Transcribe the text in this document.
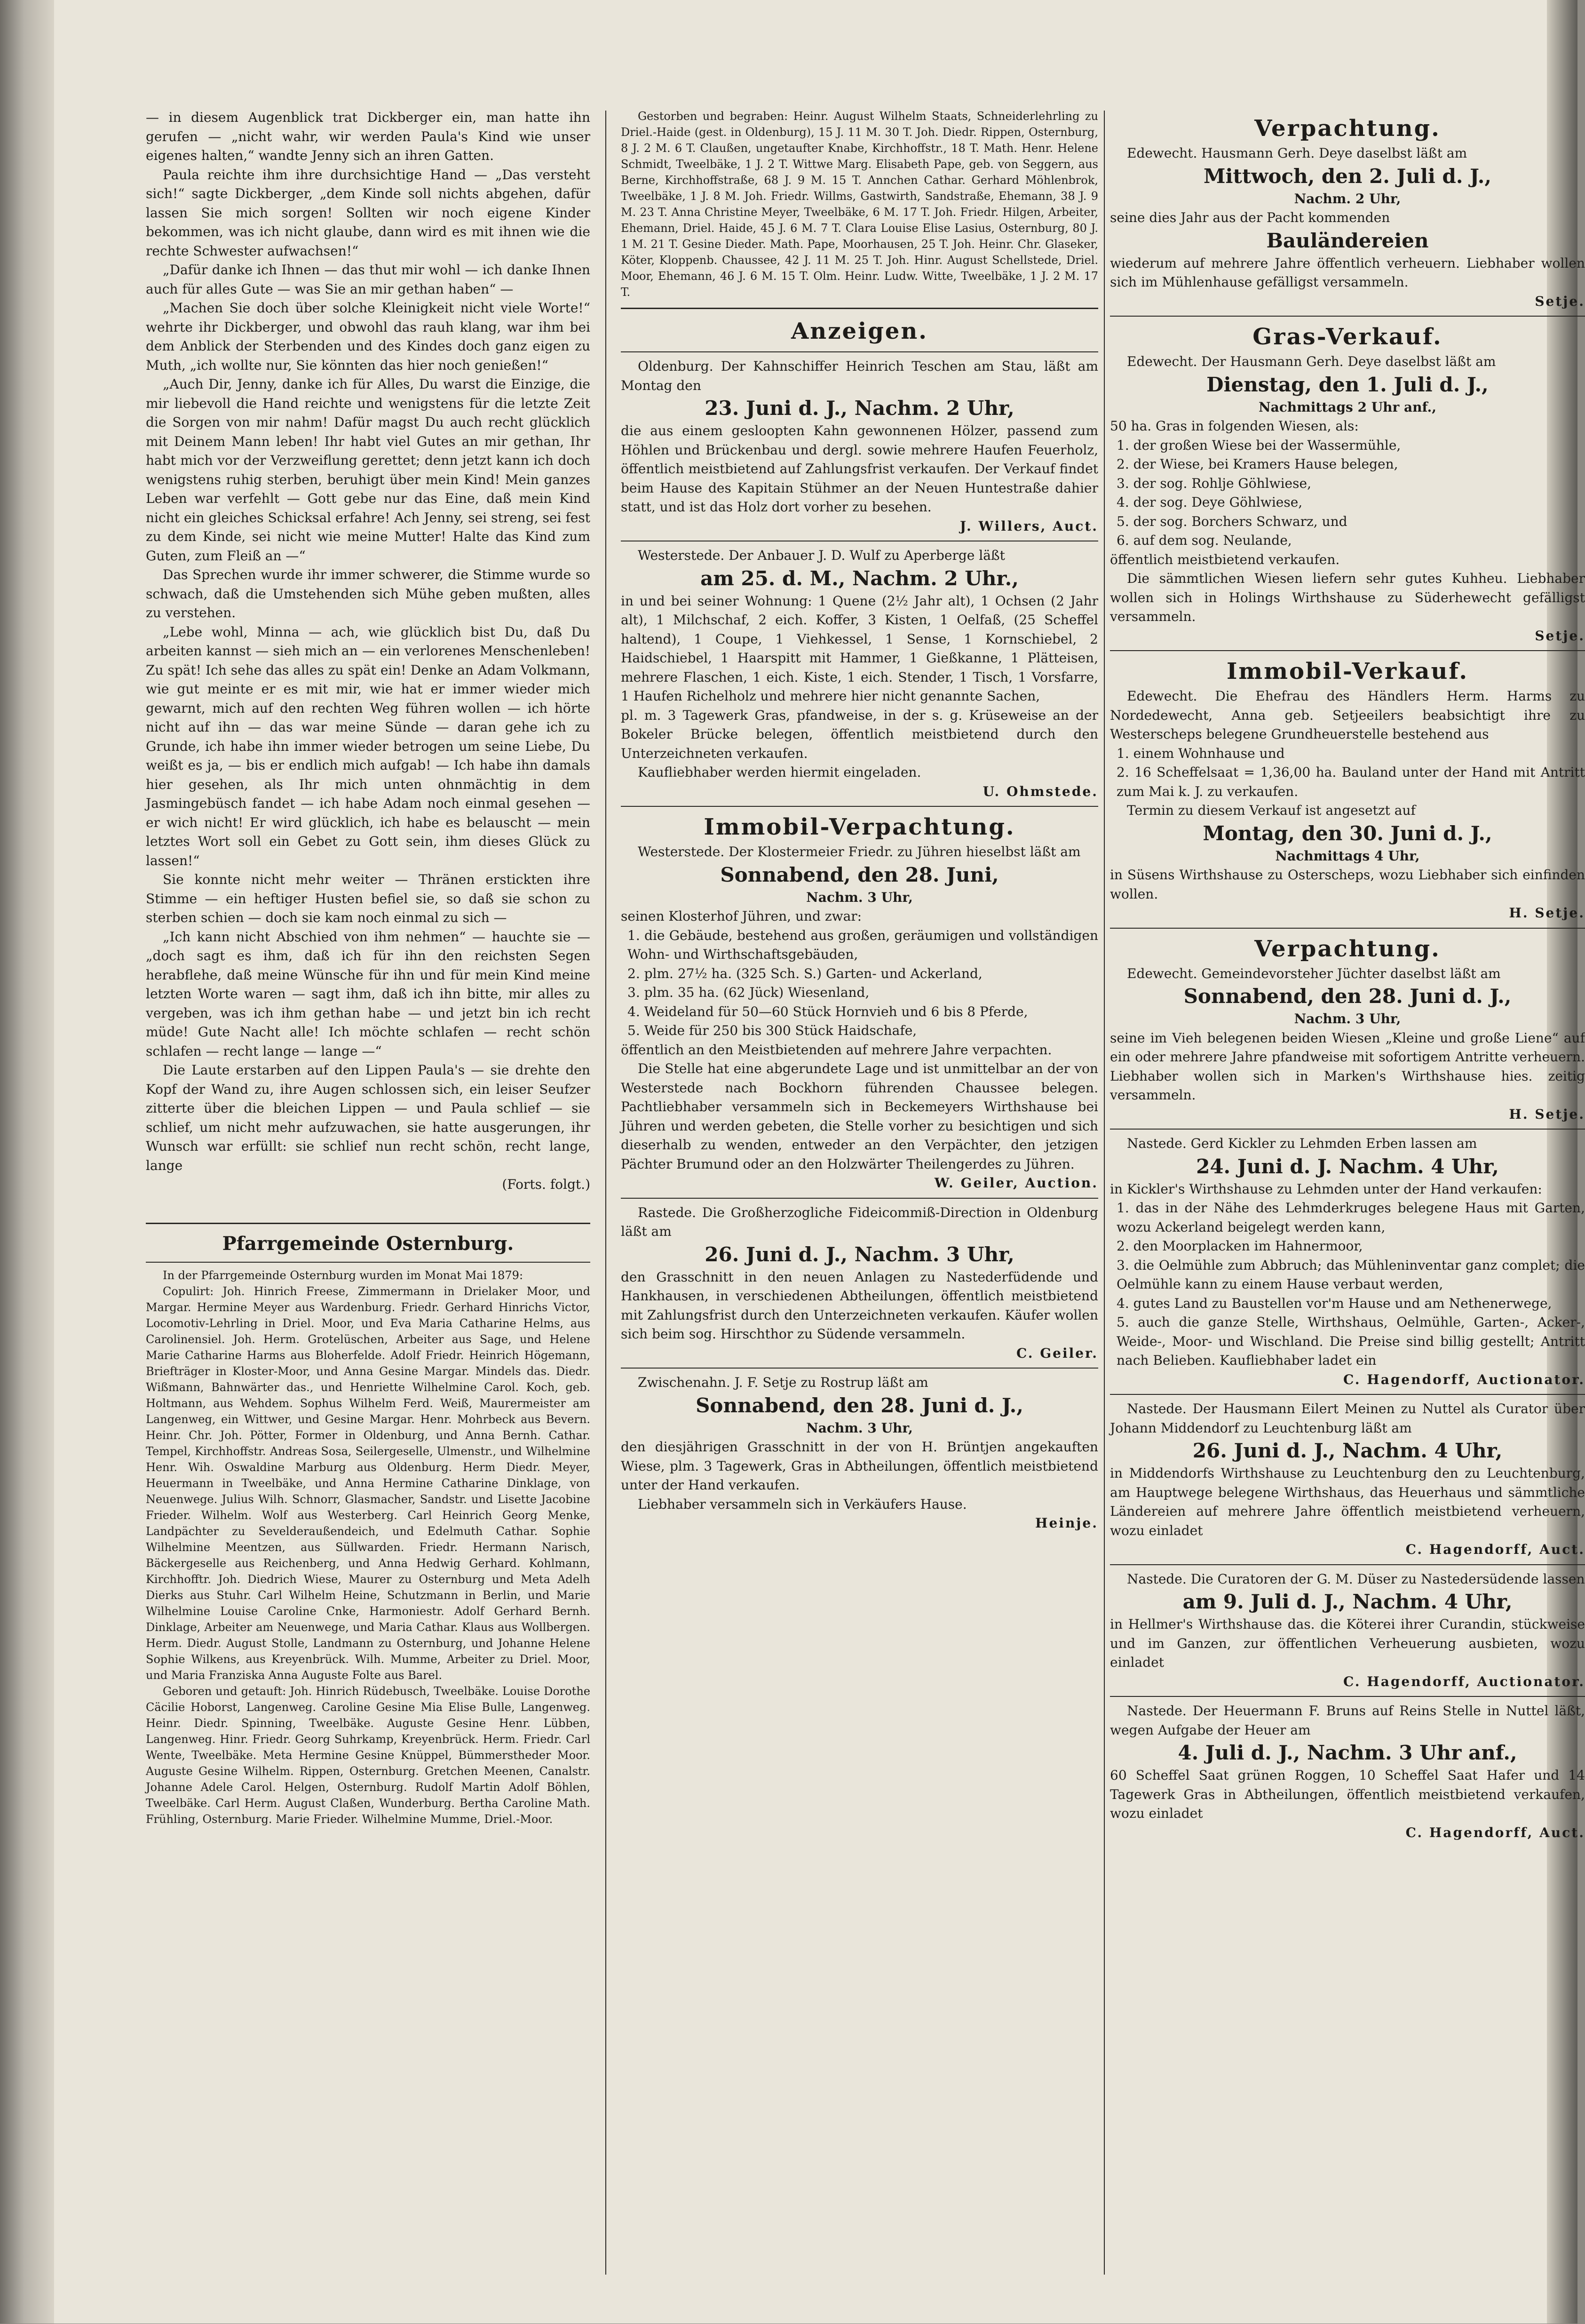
— in diesem Augenblick trat Dickberger ein, man hatte ihn gerufen — „nicht wahr, wir werden Paula's Kind wie unser eigenes halten,“ wandte Jenny sich an ihren Gatten.

Paula reichte ihm ihre durchsichtige Hand — „Das versteht sich!“ sagte Dickberger, „dem Kinde soll nichts abgehen, dafür lassen Sie mich sorgen! Sollten wir noch eigene Kinder bekommen, was ich nicht glaube, dann wird es mit ihnen wie die rechte Schwester aufwachsen!“

„Dafür danke ich Ihnen — das thut mir wohl — ich danke Ihnen auch für alles Gute — was Sie an mir gethan haben“ —

„Machen Sie doch über solche Kleinigkeit nicht viele Worte!“ wehrte ihr Dickberger, und obwohl das rauh klang, war ihm bei dem Anblick der Sterbenden und des Kindes doch ganz eigen zu Muth, „ich wollte nur, Sie könnten das hier noch genießen!“

„Auch Dir, Jenny, danke ich für Alles, Du warst die Einzige, die mir liebevoll die Hand reichte und wenigstens für die letzte Zeit die Sorgen von mir nahm! Dafür magst Du auch recht glücklich mit Deinem Mann leben! Ihr habt viel Gutes an mir gethan, Ihr habt mich vor der Verzweiflung gerettet; denn jetzt kann ich doch wenigstens ruhig sterben, beruhigt über mein Kind! Mein ganzes Leben war verfehlt — Gott gebe nur das Eine, daß mein Kind nicht ein gleiches Schicksal erfahre! Ach Jenny, sei streng, sei fest zu dem Kinde, sei nicht wie meine Mutter! Halte das Kind zum Guten, zum Fleiß an —“

Das Sprechen wurde ihr immer schwerer, die Stimme wurde so schwach, daß die Umstehenden sich Mühe geben mußten, alles zu verstehen.

„Lebe wohl, Minna — ach, wie glücklich bist Du, daß Du arbeiten kannst — sieh mich an — ein verlorenes Menschenleben! Zu spät! Ich sehe das alles zu spät ein! Denke an Adam Volkmann, wie gut meinte er es mit mir, wie hat er immer wieder mich gewarnt, mich auf den rechten Weg führen wollen — ich hörte nicht auf ihn — das war meine Sünde — daran gehe ich zu Grunde, ich habe ihn immer wieder betrogen um seine Liebe, Du weißt es ja, — bis er endlich mich aufgab! — Ich habe ihn damals hier gesehen, als Ihr mich unten ohnmächtig in dem Jasmingebüsch fandet — ich habe Adam noch einmal gesehen — er wich nicht! Er wird glücklich, ich habe es belauscht — mein letztes Wort soll ein Gebet zu Gott sein, ihm dieses Glück zu lassen!“

Sie konnte nicht mehr weiter — Thränen erstickten ihre Stimme — ein heftiger Husten befiel sie, so daß sie schon zu sterben schien — doch sie kam noch einmal zu sich —

„Ich kann nicht Abschied von ihm nehmen“ — hauchte sie — „doch sagt es ihm, daß ich für ihn den reichsten Segen herabflehe, daß meine Wünsche für ihn und für mein Kind meine letzten Worte waren — sagt ihm, daß ich ihn bitte, mir alles zu vergeben, was ich ihm gethan habe — und jetzt bin ich recht müde! Gute Nacht alle! Ich möchte schlafen — recht schön schlafen — recht lange — lange —“

Die Laute erstarben auf den Lippen Paula's — sie drehte den Kopf der Wand zu, ihre Augen schlossen sich, ein leiser Seufzer zitterte über die bleichen Lippen — und Paula schlief — sie schlief, um nicht mehr aufzuwachen, sie hatte ausgerungen, ihr Wunsch war erfüllt: sie schlief nun recht schön, recht lange, lange

(Forts. folgt.)

Pfarrgemeinde Osternburg.

In der Pfarrgemeinde Osternburg wurden im Monat Mai 1879:

Copulirt: Joh. Hinrich Freese, Zimmermann in Drielaker Moor, und Margar. Hermine Meyer aus Wardenburg. Friedr. Gerhard Hinrichs Victor, Locomotiv-Lehrling in Driel. Moor, und Eva Maria Catharine Helms, aus Carolinensiel. Joh. Herm. Grotelüschen, Arbeiter aus Sage, und Helene Marie Catharine Harms aus Bloherfelde. Adolf Friedr. Heinrich Högemann, Briefträger in Kloster-Moor, und Anna Gesine Margar. Mindels das. Diedr. Wißmann, Bahnwärter das., und Henriette Wilhelmine Carol. Koch, geb. Holtmann, aus Wehdem. Sophus Wilhelm Ferd. Weiß, Maurermeister am Langenweg, ein Wittwer, und Gesine Margar. Henr. Mohrbeck aus Bevern. Heinr. Chr. Joh. Pötter, Former in Oldenburg, und Anna Bernh. Cathar. Tempel, Kirchhoffstr. Andreas Sosa, Seilergeselle, Ulmenstr., und Wilhelmine Henr. Wih. Oswaldine Marburg aus Oldenburg. Herm Diedr. Meyer, Heuermann in Tweelbäke, und Anna Hermine Catharine Dinklage, von Neuenwege. Julius Wilh. Schnorr, Glasmacher, Sandstr. und Lisette Jacobine Frieder. Wilhelm. Wolf aus Westerberg. Carl Heinrich Georg Menke, Landpächter zu Sevelderaußendeich, und Edelmuth Cathar. Sophie Wilhelmine Meentzen, aus Süllwarden. Friedr. Hermann Narisch, Bäckergeselle aus Reichenberg, und Anna Hedwig Gerhard. Kohlmann, Kirchhofftr. Joh. Diedrich Wiese, Maurer zu Osternburg und Meta Adelh Dierks aus Stuhr. Carl Wilhelm Heine, Schutzmann in Berlin, und Marie Wilhelmine Louise Caroline Cnke, Harmoniestr. Adolf Gerhard Bernh. Dinklage, Arbeiter am Neuenwege, und Maria Cathar. Klaus aus Wollbergen. Herm. Diedr. August Stolle, Landmann zu Osternburg, und Johanne Helene Sophie Wilkens, aus Kreyenbrück. Wilh. Mumme, Arbeiter zu Driel. Moor, und Maria Franziska Anna Auguste Folte aus Barel.

Geboren und getauft: Joh. Hinrich Rüdebusch, Tweelbäke. Louise Dorothe Cäcilie Hoborst, Langenweg. Caroline Gesine Mia Elise Bulle, Langenweg. Heinr. Diedr. Spinning, Tweelbäke. Auguste Gesine Henr. Lübben, Langenweg. Hinr. Friedr. Georg Suhrkamp, Kreyenbrück. Herm. Friedr. Carl Wente, Tweelbäke. Meta Hermine Gesine Knüppel, Bümmerstheder Moor. Auguste Gesine Wilhelm. Rippen, Osternburg. Gretchen Meenen, Canalstr. Johanne Adele Carol. Helgen, Osternburg. Rudolf Martin Adolf Böhlen, Tweelbäke. Carl Herm. August Claßen, Wunderburg. Bertha Caroline Math. Frühling, Osternburg. Marie Frieder. Wilhelmine Mumme, Driel.-Moor.

Gestorben und begraben: Heinr. August Wilhelm Staats, Schneiderlehrling zu Driel.-Haide (gest. in Oldenburg), 15 J. 11 M. 30 T. Joh. Diedr. Rippen, Osternburg, 8 J. 2 M. 6 T. Claußen, ungetaufter Knabe, Kirchhoffstr., 18 T. Math. Henr. Helene Schmidt, Tweelbäke, 1 J. 2 T. Wittwe Marg. Elisabeth Pape, geb. von Seggern, aus Berne, Kirchhoffstraße, 68 J. 9 M. 15 T. Annchen Cathar. Gerhard Möhlenbrok, Tweelbäke, 1 J. 8 M. Joh. Friedr. Willms, Gastwirth, Sandstraße, Ehemann, 38 J. 9 M. 23 T. Anna Christine Meyer, Tweelbäke, 6 M. 17 T. Joh. Friedr. Hilgen, Arbeiter, Ehemann, Driel. Haide, 45 J. 6 M. 7 T. Clara Louise Elise Lasius, Osternburg, 80 J. 1 M. 21 T. Gesine Dieder. Math. Pape, Moorhausen, 25 T. Joh. Heinr. Chr. Glaseker, Köter, Kloppenb. Chaussee, 42 J. 11 M. 25 T. Joh. Hinr. August Schellstede, Driel. Moor, Ehemann, 46 J. 6 M. 15 T. Olm. Heinr. Ludw. Witte, Tweelbäke, 1 J. 2 M. 17 T.

Anzeigen.

Oldenburg. Der Kahnschiffer Heinrich Teschen am Stau, läßt am Montag den

23. Juni d. J., Nachm. 2 Uhr,

die aus einem gesloopten Kahn gewonnenen Hölzer, passend zum Höhlen und Brückenbau und dergl. sowie mehrere Haufen Feuerholz, öffentlich meistbietend auf Zahlungsfrist verkaufen. Der Verkauf findet beim Hause des Kapitain Stühmer an der Neuen Huntestraße dahier statt, und ist das Holz dort vorher zu besehen.

J. Willers, Auct.

Westerstede. Der Anbauer J. D. Wulf zu Aperberge läßt

am 25. d. M., Nachm. 2 Uhr.,

in und bei seiner Wohnung: 1 Quene (2½ Jahr alt), 1 Ochsen (2 Jahr alt), 1 Milchschaf, 2 eich. Koffer, 3 Kisten, 1 Oelfaß, (25 Scheffel haltend), 1 Coupe, 1 Viehkessel, 1 Sense, 1 Kornschiebel, 2 Haidschiebel, 1 Haarspitt mit Hammer, 1 Gießkanne, 1 Plätteisen, mehrere Flaschen, 1 eich. Kiste, 1 eich. Stender, 1 Tisch, 1 Vorsfarre, 1 Haufen Richelholz und mehrere hier nicht genannte Sachen,

pl. m. 3 Tagewerk Gras, pfandweise, in der s. g. Krüseweise an der Bokeler Brücke belegen, öffentlich meistbietend durch den Unterzeichneten verkaufen.

Kaufliebhaber werden hiermit eingeladen.

U. Ohmstede.

Immobil-Verpachtung.

Westerstede. Der Klostermeier Friedr. zu Jühren hieselbst läßt am

Sonnabend, den 28. Juni,

Nachm. 3 Uhr,

seinen Klosterhof Jühren, und zwar:

1. die Gebäude, bestehend aus großen, geräumigen und vollständigen Wohn- und Wirthschaftsgebäuden,

2. plm. 27½ ha. (325 Sch. S.) Garten- und Ackerland,

3. plm. 35 ha. (62 Jück) Wiesenland,

4. Weideland für 50—60 Stück Hornvieh und 6 bis 8 Pferde,

5. Weide für 250 bis 300 Stück Haidschafe,

öffentlich an den Meistbietenden auf mehrere Jahre verpachten.

Die Stelle hat eine abgerundete Lage und ist unmittelbar an der von Westerstede nach Bockhorn führenden Chaussee belegen. Pachtliebhaber versammeln sich in Beckemeyers Wirthshause bei Jühren und werden gebeten, die Stelle vorher zu besichtigen und sich dieserhalb zu wenden, entweder an den Verpächter, den jetzigen Pächter Brumund oder an den Holzwärter Theilengerdes zu Jühren.

W. Geiler, Auction.

Rastede. Die Großherzogliche Fideicommiß-Direction in Oldenburg läßt am

26. Juni d. J., Nachm. 3 Uhr,

den Grasschnitt in den neuen Anlagen zu Nastederfüdende und Hankhausen, in verschiedenen Abtheilungen, öffentlich meistbietend mit Zahlungsfrist durch den Unterzeichneten verkaufen. Käufer wollen sich beim sog. Hirschthor zu Südende versammeln.

C. Geiler.

Zwischenahn. J. F. Setje zu Rostrup läßt am

Sonnabend, den 28. Juni d. J.,

Nachm. 3 Uhr,

den diesjährigen Grasschnitt in der von H. Brüntjen angekauften Wiese, plm. 3 Tagewerk, Gras in Abtheilungen, öffentlich meistbietend unter der Hand verkaufen.

Liebhaber versammeln sich in Verkäufers Hause.

Heinje.

Verpachtung.

Edewecht. Hausmann Gerh. Deye daselbst läßt am

Mittwoch, den 2. Juli d. J.,

Nachm. 2 Uhr,

seine dies Jahr aus der Pacht kommenden

Bauländereien

wiederum auf mehrere Jahre öffentlich verheuern. Liebhaber wollen sich im Mühlenhause gefälligst versammeln.

Setje.

Gras-Verkauf.

Edewecht. Der Hausmann Gerh. Deye daselbst läßt am

Dienstag, den 1. Juli d. J.,

Nachmittags 2 Uhr anf.,

50 ha. Gras in folgenden Wiesen, als:

1. der großen Wiese bei der Wassermühle,

2. der Wiese, bei Kramers Hause belegen,

3. der sog. Rohlje Göhlwiese,

4. der sog. Deye Göhlwiese,

5. der sog. Borchers Schwarz, und

6. auf dem sog. Neulande,

öffentlich meistbietend verkaufen.

Die sämmtlichen Wiesen liefern sehr gutes Kuhheu. Liebhaber wollen sich in Holings Wirthshause zu Süderhewecht gefälligst versammeln.

Setje.

Immobil-Verkauf.

Edewecht. Die Ehefrau des Händlers Herm. Harms zu Nordedewecht, Anna geb. Setjeeilers beabsichtigt ihre zu Westerscheps belegene Grundheuerstelle bestehend aus

1. einem Wohnhause und

2. 16 Scheffelsaat = 1,36,00 ha. Bauland unter der Hand mit Antritt zum Mai k. J. zu verkaufen.

Termin zu diesem Verkauf ist angesetzt auf

Montag, den 30. Juni d. J.,

Nachmittags 4 Uhr,

in Süsens Wirthshause zu Osterscheps, wozu Liebhaber sich einfinden wollen.

H. Setje.

Verpachtung.

Edewecht. Gemeindevorsteher Jüchter daselbst läßt am

Sonnabend, den 28. Juni d. J.,

Nachm. 3 Uhr,

seine im Vieh belegenen beiden Wiesen „Kleine und große Liene“ auf ein oder mehrere Jahre pfandweise mit sofortigem Antritte verheuern. Liebhaber wollen sich in Marken's Wirthshause hies. zeitig versammeln.

H. Setje.

Nastede. Gerd Kickler zu Lehmden Erben lassen am

24. Juni d. J. Nachm. 4 Uhr,

in Kickler's Wirthshause zu Lehmden unter der Hand verkaufen:

1. das in der Nähe des Lehmderkruges belegene Haus mit Garten, wozu Ackerland beigelegt werden kann,

2. den Moorplacken im Hahnermoor,

3. die Oelmühle zum Abbruch; das Mühleninventar ganz complet; die Oelmühle kann zu einem Hause verbaut werden,

4. gutes Land zu Baustellen vor'm Hause und am Nethenerwege,

5. auch die ganze Stelle, Wirthshaus, Oelmühle, Garten-, Acker-, Weide-, Moor- und Wischland. Die Preise sind billig gestellt; Antritt nach Belieben. Kaufliebhaber ladet ein

C. Hagendorff, Auctionator.

Nastede. Der Hausmann Eilert Meinen zu Nuttel als Curator über Johann Middendorf zu Leuchtenburg läßt am

26. Juni d. J., Nachm. 4 Uhr,

in Middendorfs Wirthshause zu Leuchtenburg den zu Leuchtenburg, am Hauptwege belegene Wirthshaus, das Heuerhaus und sämmtliche Ländereien auf mehrere Jahre öffentlich meistbietend verheuern, wozu einladet

C. Hagendorff, Auct.

Nastede. Die Curatoren der G. M. Düser zu Nastedersüdende lassen

am 9. Juli d. J., Nachm. 4 Uhr,

in Hellmer's Wirthshause das. die Köterei ihrer Curandin, stückweise und im Ganzen, zur öffentlichen Verheuerung ausbieten, wozu einladet

C. Hagendorff, Auctionator.

Nastede. Der Heuermann F. Bruns auf Reins Stelle in Nuttel läßt, wegen Aufgabe der Heuer am

4. Juli d. J., Nachm. 3 Uhr anf.,

60 Scheffel Saat grünen Roggen, 10 Scheffel Saat Hafer und 14 Tagewerk Gras in Abtheilungen, öffentlich meistbietend verkaufen, wozu einladet

C. Hagendorff, Auct.
